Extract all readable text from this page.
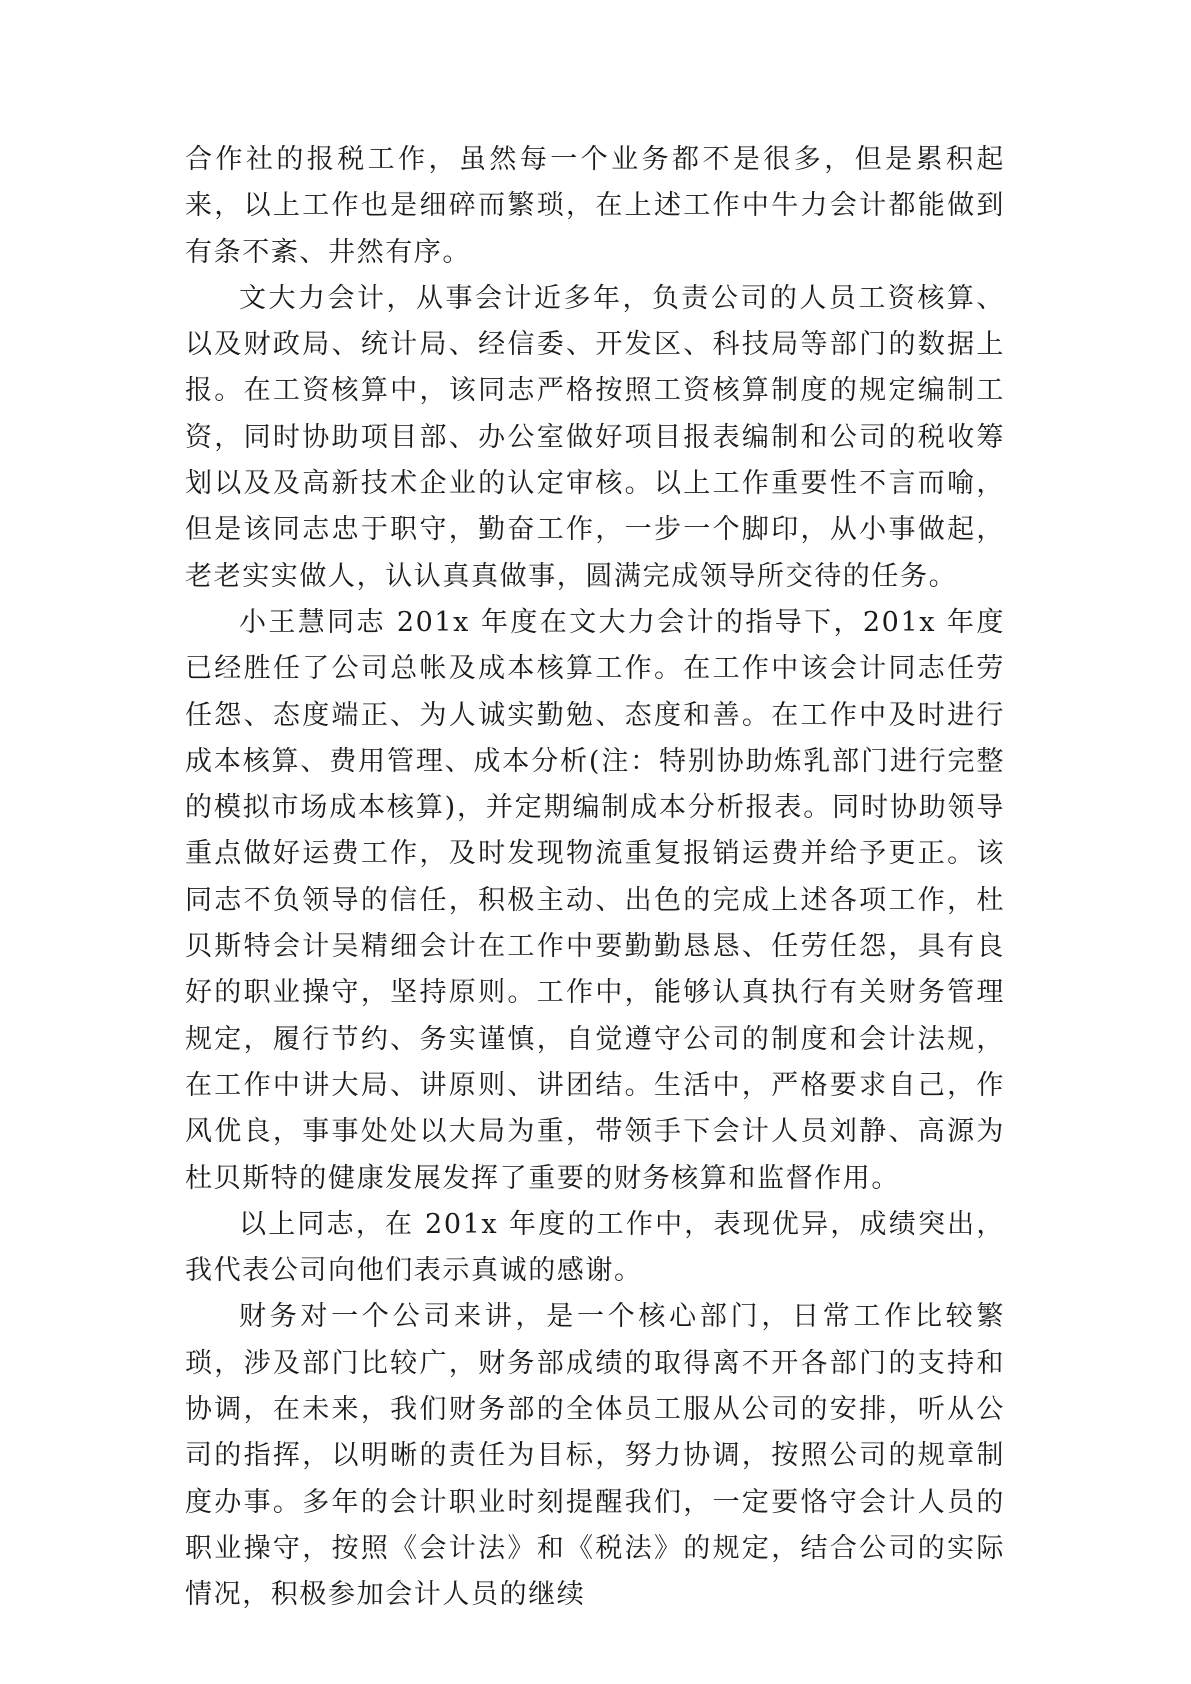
合作社的报税工作，虽然每一个业务都不是很多，但是累积起来，以上工作也是细碎而繁琐，在上述工作中牛力会计都能做到有条不紊、井然有序。

文大力会计，从事会计近多年，负责公司的人员工资核算、以及财政局、统计局、经信委、开发区、科技局等部门的数据上报。在工资核算中，该同志严格按照工资核算制度的规定编制工资，同时协助项目部、办公室做好项目报表编制和公司的税收筹划以及及高新技术企业的认定审核。以上工作重要性不言而喻，但是该同志忠于职守，勤奋工作，一步一个脚印，从小事做起，老老实实做人，认认真真做事，圆满完成领导所交待的任务。

小王慧同志 201x 年度在文大力会计的指导下，201x 年度已经胜任了公司总帐及成本核算工作。在工作中该会计同志任劳任怨、态度端正、为人诚实勤勉、态度和善。在工作中及时进行成本核算、费用管理、成本分析(注：特别协助炼乳部门进行完整的模拟市场成本核算)，并定期编制成本分析报表。同时协助领导重点做好运费工作，及时发现物流重复报销运费并给予更正。该同志不负领导的信任，积极主动、出色的完成上述各项工作，杜贝斯特会计吴精细会计在工作中要勤勤恳恳、任劳任怨，具有良好的职业操守，坚持原则。工作中，能够认真执行有关财务管理规定，履行节约、务实谨慎，自觉遵守公司的制度和会计法规，在工作中讲大局、讲原则、讲团结。生活中，严格要求自己，作风优良，事事处处以大局为重，带领手下会计人员刘静、高源为杜贝斯特的健康发展发挥了重要的财务核算和监督作用。

以上同志，在 201x 年度的工作中，表现优异，成绩突出，我代表公司向他们表示真诚的感谢。

财务对一个公司来讲，是一个核心部门，日常工作比较繁琐，涉及部门比较广，财务部成绩的取得离不开各部门的支持和协调，在未来，我们财务部的全体员工服从公司的安排，听从公司的指挥，以明晰的责任为目标，努力协调，按照公司的规章制度办事。多年的会计职业时刻提醒我们，一定要恪守会计人员的职业操守，按照《会计法》和《税法》的规定，结合公司的实际情况，积极参加会计人员的继续
